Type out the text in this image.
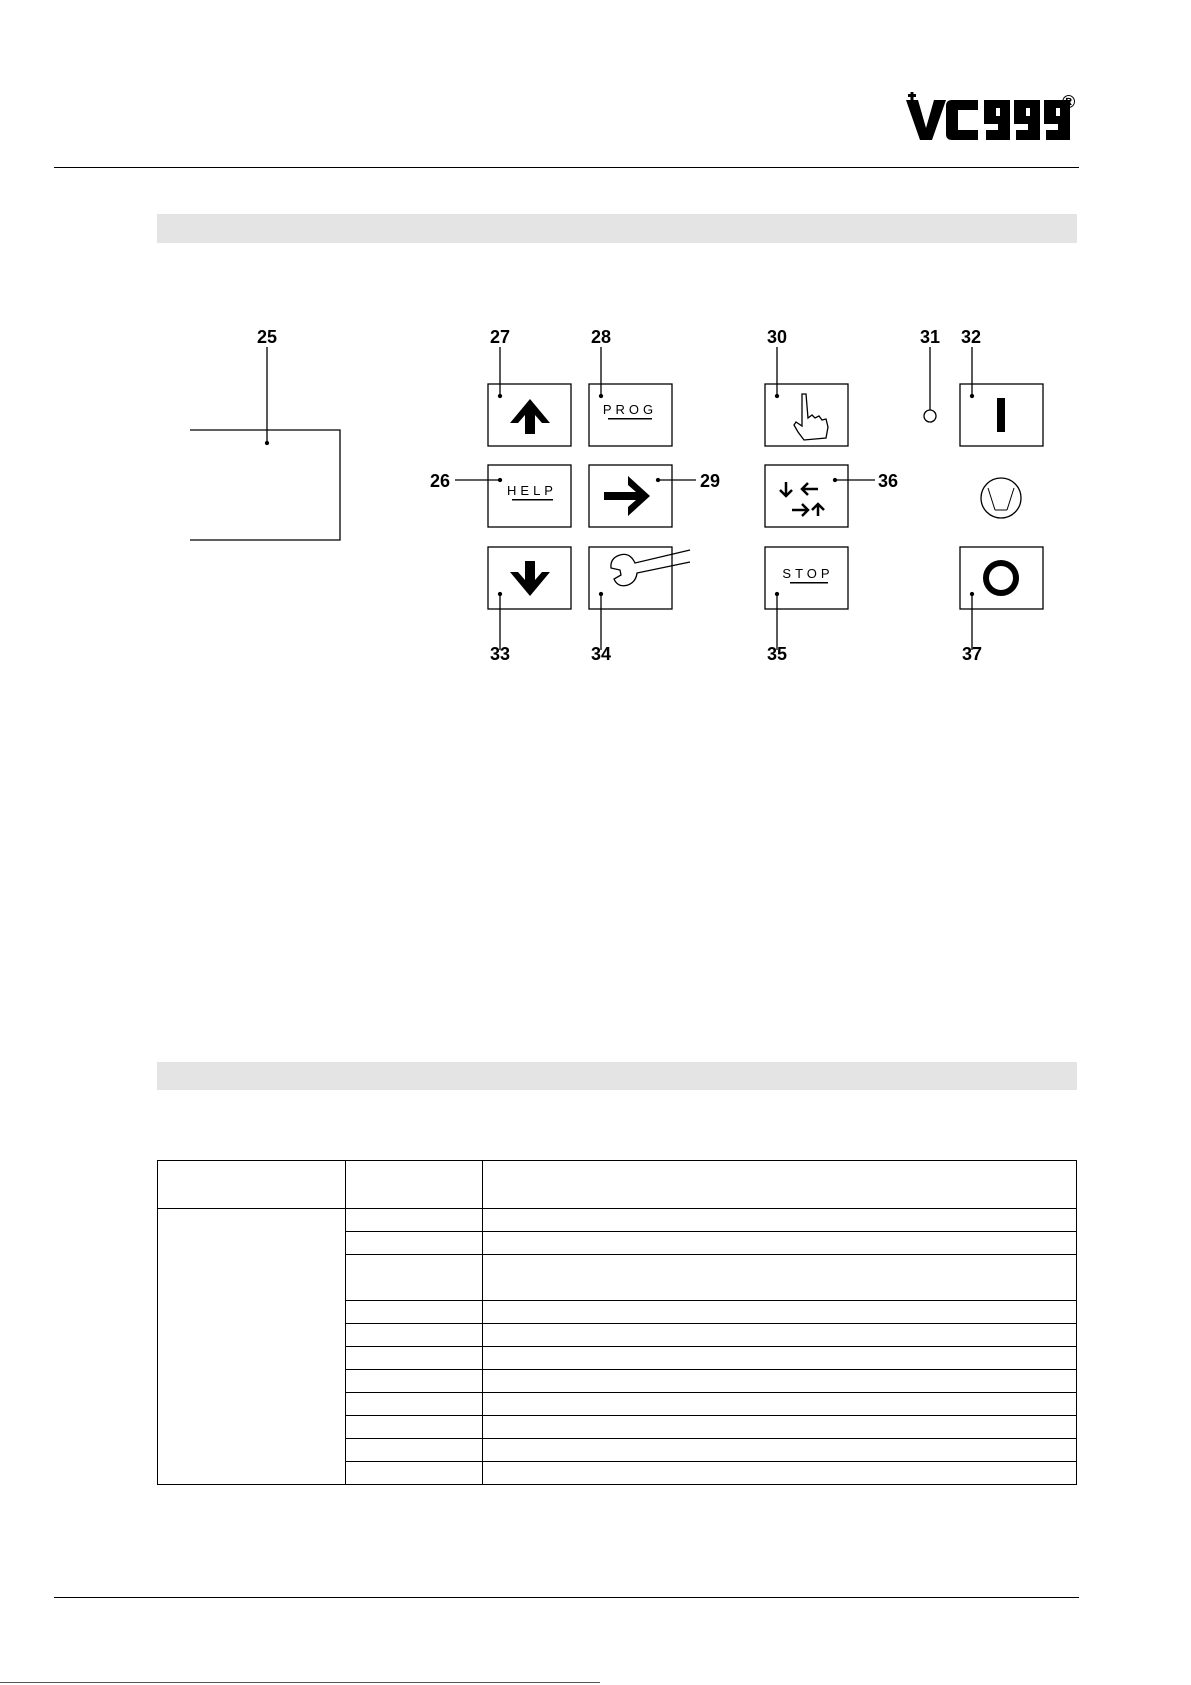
®
PROG
HELP
STOP
25	27	28	30	31 32
26	29	36
33	34	35	37
